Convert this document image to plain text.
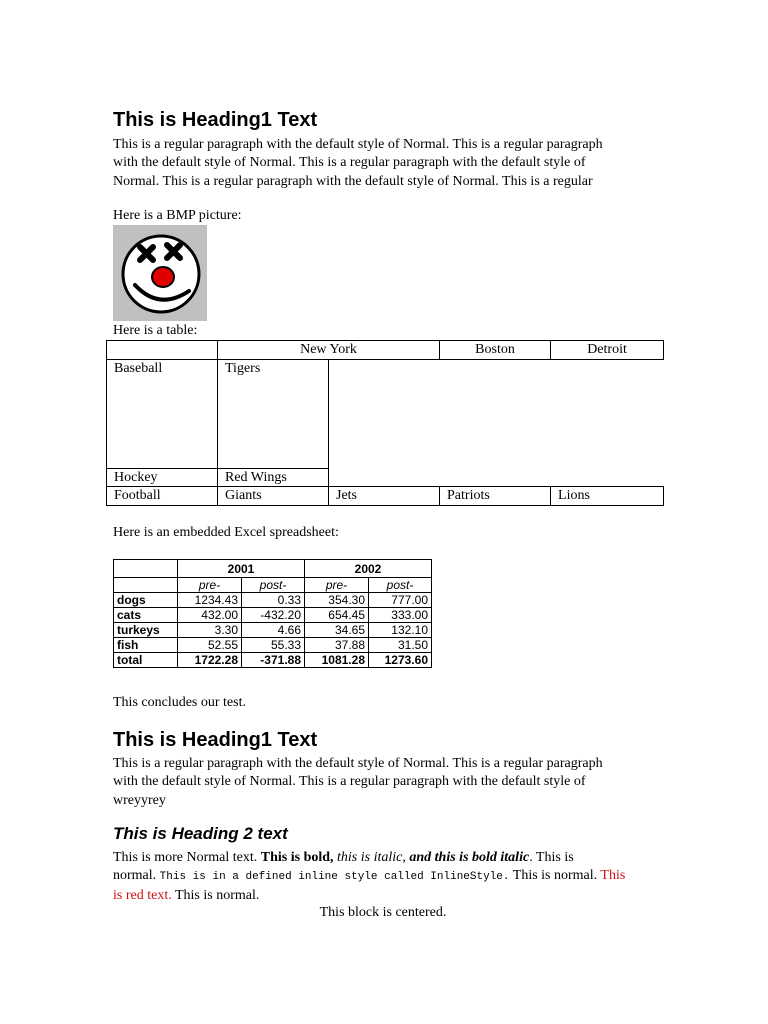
This is Heading1 Text

This is a regular paragraph with the default style of Normal. This is a regular paragraph
with the default style of Normal. This is a regular paragraph with the default style of
Normal. This is a regular paragraph with the default style of Normal. This is a regular

Here is a BMP picture:

Here is a table:

	New York		Boston	Detroit
Baseball	Tigers			
Hockey	Red Wings			
Football	Giants	Jets	Patriots	Lions

Here is an embedded Excel spreadsheet:

	2001		2002	
	pre-	post-	pre-	post-
dogs	1234.43	0.33	354.30	777.00
cats	432.00	-432.20	654.45	333.00
turkeys	3.30	4.66	34.65	132.10
fish	52.55	55.33	37.88	31.50
total	1722.28	-371.88	1081.28	1273.60

This concludes our test.

This is Heading1 Text

This is a regular paragraph with the default style of Normal. This is a regular paragraph
with the default style of Normal. This is a regular paragraph with the default style of
wreyyrey

This is Heading 2 text

This is more Normal text. This is bold, this is italic, and this is bold italic. This is
normal. This is in a defined inline style called InlineStyle. This is normal. This
is red text. This is normal.

This block is centered.
